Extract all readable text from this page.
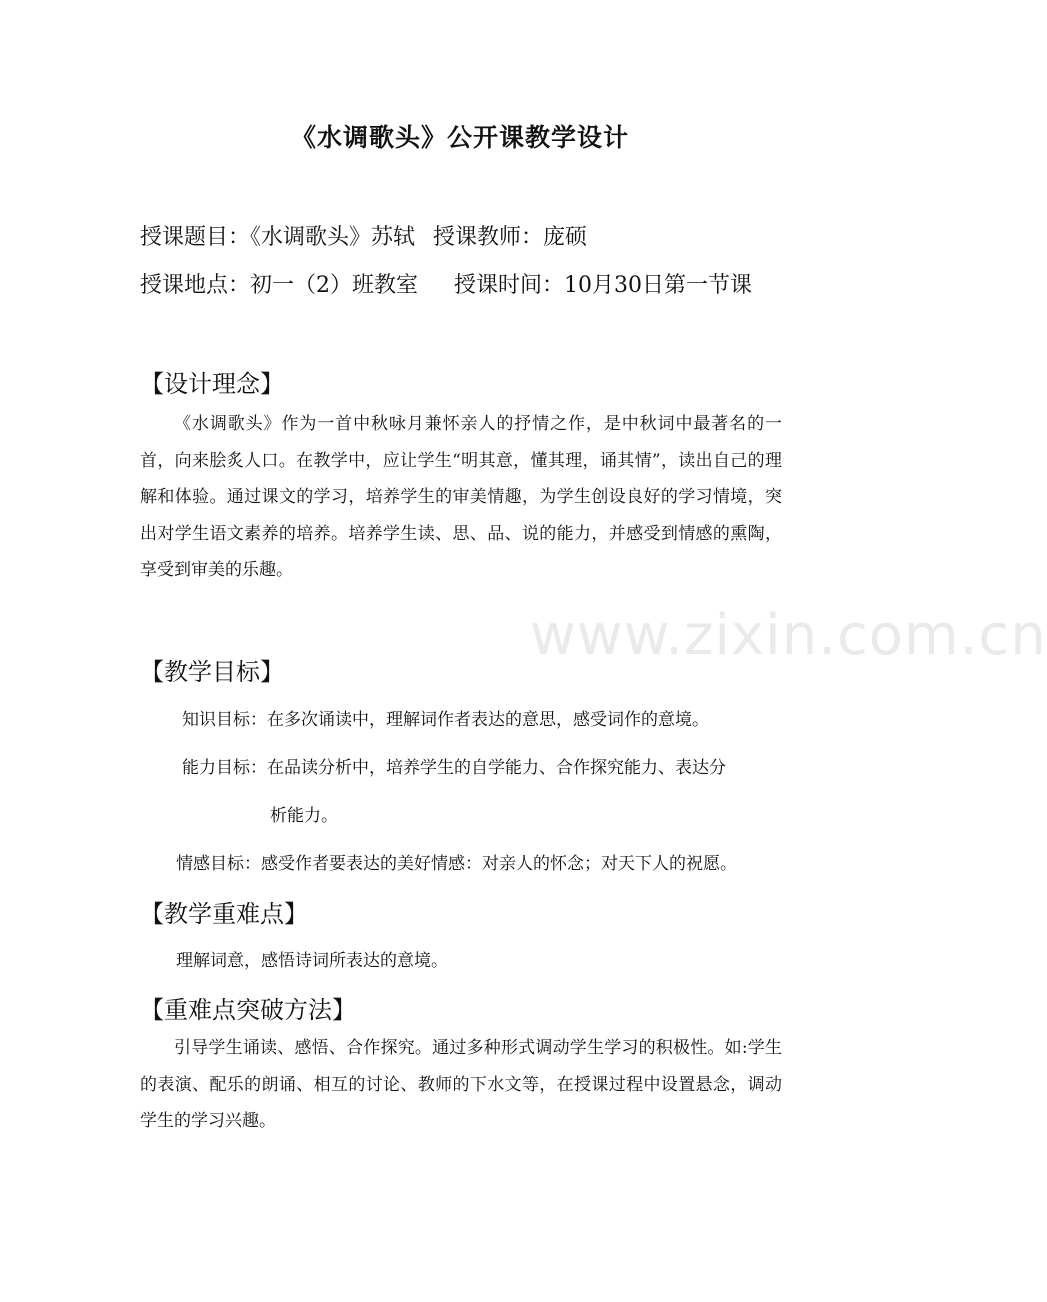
《水调歌头》公开课教学设计
授课题目：《水调歌头》苏轼 授课教师：庞硕
授课地点：初一（2）班教室 授课时间：10月30日第一节课
【设计理念】
《水调歌头》作为一首中秋咏月兼怀亲人的抒情之作，是中秋词中最著名的一首，向来脍炙人口。在教学中，应让学生“明其意，懂其理，诵其情”，读出自己的理解和体验。通过课文的学习，培养学生的审美情趣，为学生创设良好的学习情境，突出对学生语文素养的培养。培养学生读、思、品、说的能力，并感受到情感的熏陶，享受到审美的乐趣。
【教学目标】
知识目标：在多次诵读中，理解词作者表达的意思，感受词作的意境。
能力目标：在品读分析中，培养学生的自学能力、合作探究能力、表达分
析能力。
情感目标：感受作者要表达的美好情感：对亲人的怀念；对天下人的祝愿。
【教学重难点】
理解词意，感悟诗词所表达的意境。
【重难点突破方法】
引导学生诵读、感悟、合作探究。通过多种形式调动学生学习的积极性。如:学生的表演、配乐的朗诵、相互的讨论、教师的下水文等，在授课过程中设置悬念，调动学生的学习兴趣。
www.zixin.com.cn
